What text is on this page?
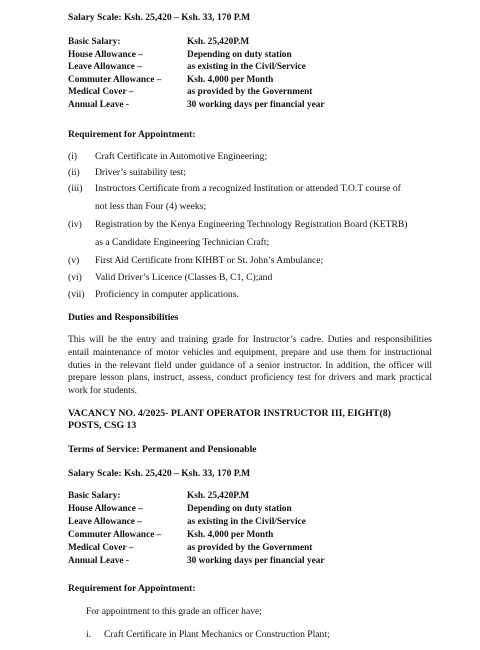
Salary Scale: Ksh. 25,420 – Ksh. 33, 170 P.M
Basic Salary:	Ksh. 25,420P.M
House Allowance –	Depending on duty station
Leave Allowance –	as existing in the Civil/Service
Commuter Allowance –	Ksh. 4,000 per Month
Medical Cover –	as provided by the Government
Annual Leave -	30 working days per financial year
Requirement for Appointment:
(i) Craft Certificate in Automotive Engineering;
(ii) Driver’s suitability test;
(iii) Instructors Certificate from a recognized Institution or attended T.O.T course of
not less than Four (4) weeks;
(iv) Registration by the Kenya Engineering Technology Registration Board (KETRB)
as a Candidate Engineering Technician Craft;
(v) First Aid Certificate from KIHBT or St. John’s Ambulance;
(vi) Valid Driver’s Licence (Classes B, C1, C);and
(vii) Proficiency in computer applications.
Duties and Responsibilities
This will be the entry and training grade for Instructor’s cadre. Duties and responsibilities entail maintenance of motor vehicles and equipment, prepare and use them for instructional duties in the relevant field under guidance of a senior instructor. In addition, the officer will prepare lesson plans, instruct, assess, conduct proficiency test for drivers and mark practical work for students.
VACANCY NO. 4/2025- PLANT OPERATOR INSTRUCTOR III, EIGHT(8)
POSTS, CSG 13
Terms of Service: Permanent and Pensionable
Salary Scale: Ksh. 25,420 – Ksh. 33, 170 P.M
Basic Salary:	Ksh. 25,420P.M
House Allowance –	Depending on duty station
Leave Allowance –	as existing in the Civil/Service
Commuter Allowance –	Ksh. 4,000 per Month
Medical Cover –	as provided by the Government
Annual Leave -	30 working days per financial year
Requirement for Appointment:
For appointment to this grade an officer have;
i. Craft Certificate in Plant Mechanics or Construction Plant;
